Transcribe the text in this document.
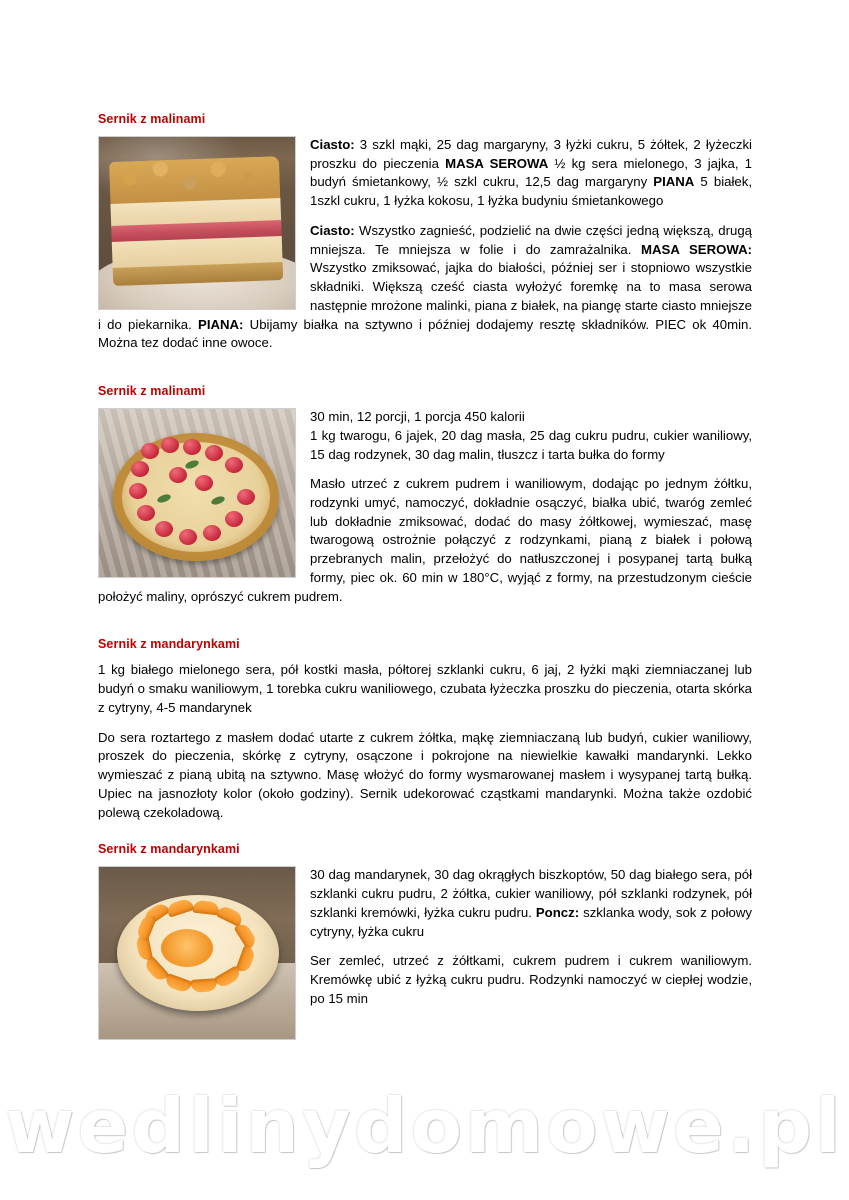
Sernik z malinami

Ciasto: 3 szkl mąki, 25 dag margaryny, 3 łyżki cukru, 5 żółtek, 2 łyżeczki proszku do pieczenia MASA SEROWA ½ kg sera mielonego, 3 jajka, 1 budyń śmietankowy, ½ szkl cukru, 12,5 dag margaryny PIANA 5 białek, 1szkl cukru, 1 łyżka kokosu, 1 łyżka budyniu śmietankowego

Ciasto: Wszystko zagnieść, podzielić na dwie części jedną większą, drugą mniejsza. Te mniejsza w folie i do zamrażalnika. MASA SEROWA: Wszystko zmiksować, jajka do białości, później ser i stopniowo wszystkie składniki. Większą cześć ciasta wyłożyć foremkę na to masa serowa następnie mrożone malinki, piana z białek, na piangę starte ciasto mniejsze i do piekarnika. PIANA: Ubijamy białka na sztywno i później dodajemy resztę składników. PIEC ok 40min. Można tez dodać inne owoce.

Sernik z malinami

30 min, 12 porcji, 1 porcja 450 kalorii

1 kg twarogu, 6 jajek, 20 dag masła, 25 dag cukru pudru, cukier waniliowy, 15 dag rodzynek, 30 dag malin, tłuszcz i tarta bułka do formy

Masło utrzeć z cukrem pudrem i waniliowym, dodając po jednym żółtku, rodzynki umyć, namoczyć, dokładnie osączyć, białka ubić, twaróg zemleć lub dokładnie zmiksować, dodać do masy żółtkowej, wymieszać, masę twarogową ostrożnie połączyć z rodzynkami, pianą z białek i połową przebranych malin, przełożyć do natłuszczonej i posypanej tartą bułką formy, piec ok. 60 min w 180°C, wyjąć z formy, na przestudzonym cieście położyć maliny, oprószyć cukrem pudrem.

Sernik z mandarynkami

1 kg białego mielonego sera, pół kostki masła, półtorej szklanki cukru, 6 jaj, 2 łyżki mąki ziemniaczanej lub budyń o smaku waniliowym, 1 torebka cukru waniliowego, czubata łyżeczka proszku do pieczenia, otarta skórka z cytryny, 4-5 mandarynek

Do sera roztartego z masłem dodać utarte z cukrem żółtka, mąkę ziemniaczaną lub budyń, cukier waniliowy, proszek do pieczenia, skórkę z cytryny, osączone i pokrojone na niewielkie kawałki mandarynki. Lekko wymieszać z pianą ubitą na sztywno. Masę włożyć do formy wysmarowanej masłem i wysypanej tartą bułką. Upiec na jasnozłoty kolor (około godziny). Sernik udekorować cząstkami mandarynki. Można także ozdobić polewą czekoladową.

Sernik z mandarynkami

30 dag mandarynek, 30 dag okrągłych biszkoptów, 50 dag białego sera, pół szklanki cukru pudru, 2 żółtka, cukier waniliowy, pół szklanki rodzynek, pół szklanki kremówki, łyżka cukru pudru. Poncz: szklanka wody, sok z połowy cytryny, łyżka cukru

Ser zemleć, utrzeć z żółtkami, cukrem pudrem i cukrem waniliowym. Kremówkę ubić z łyżką cukru pudru. Rodzynki namoczyć w ciepłej wodzie, po 15 min

wedlinydomowe.pl
